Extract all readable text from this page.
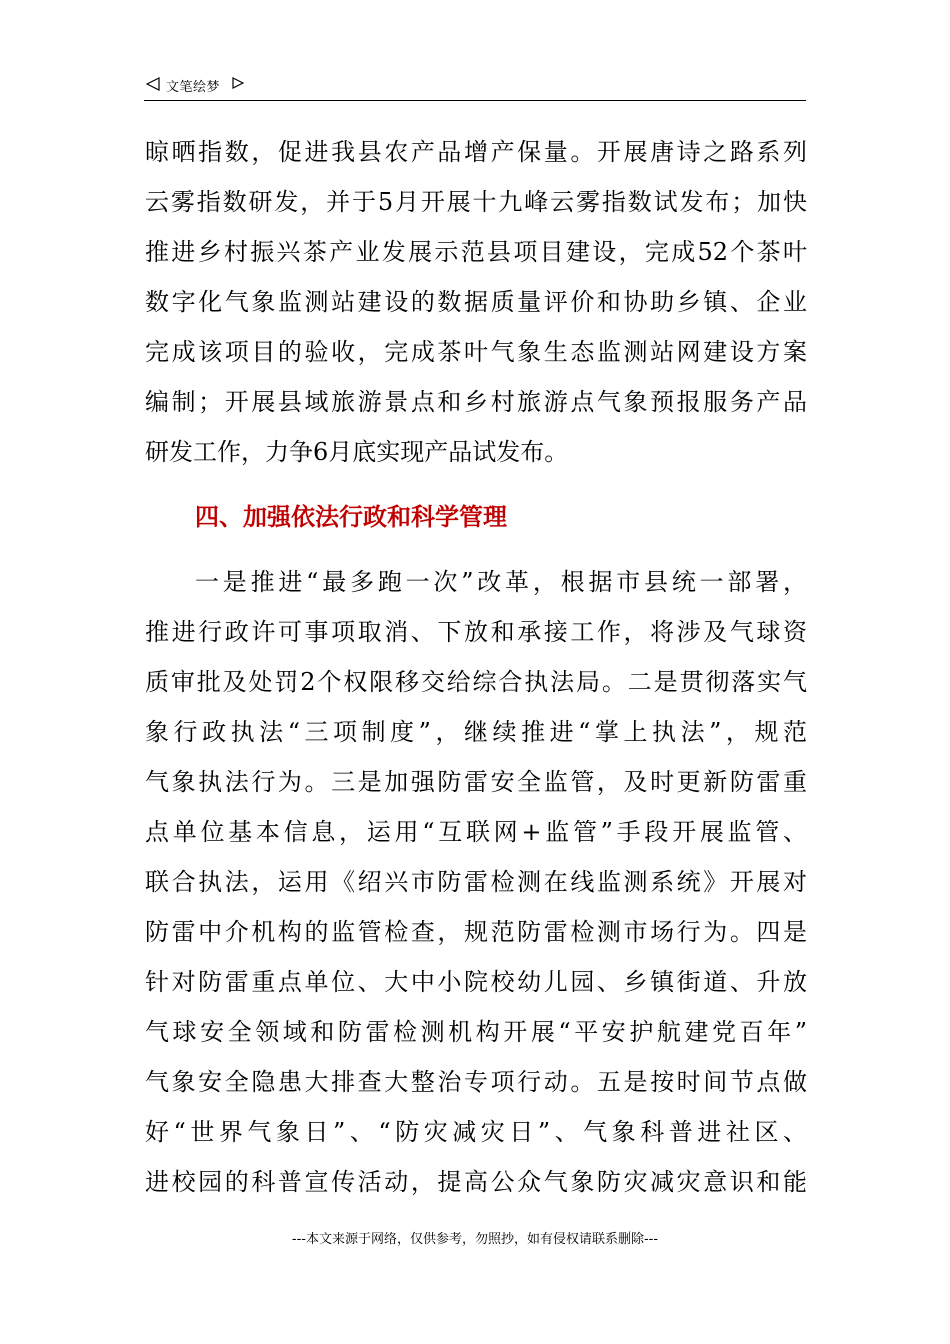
文笔绘梦
晾晒指数，促进我县农产品增产保量。开展唐诗之路系列
云雾指数研发，并于5月开展十九峰云雾指数试发布；加快
推进乡村振兴茶产业发展示范县项目建设，完成52个茶叶
数字化气象监测站建设的数据质量评价和协助乡镇、企业
完成该项目的验收，完成茶叶气象生态监测站网建设方案
编制；开展县域旅游景点和乡村旅游点气象预报服务产品
研发工作，力争6月底实现产品试发布。
四、加强依法行政和科学管理
一是推进“最多跑一次”改革，根据市县统一部署，
推进行政许可事项取消、下放和承接工作，将涉及气球资
质审批及处罚2个权限移交给综合执法局。二是贯彻落实气
象行政执法“三项制度”，继续推进“掌上执法”，规范
气象执法行为。三是加强防雷安全监管，及时更新防雷重
点单位基本信息，运用“互联网+监管”手段开展监管、
联合执法，运用《绍兴市防雷检测在线监测系统》开展对
防雷中介机构的监管检查，规范防雷检测市场行为。四是
针对防雷重点单位、大中小院校幼儿园、乡镇街道、升放
气球安全领域和防雷检测机构开展“平安护航建党百年”
气象安全隐患大排查大整治专项行动。五是按时间节点做
好“世界气象日”、“防灾减灾日”、气象科普进社区、
进校园的科普宣传活动，提高公众气象防灾减灾意识和能
---本文来源于网络，仅供参考，勿照抄，如有侵权请联系删除---
